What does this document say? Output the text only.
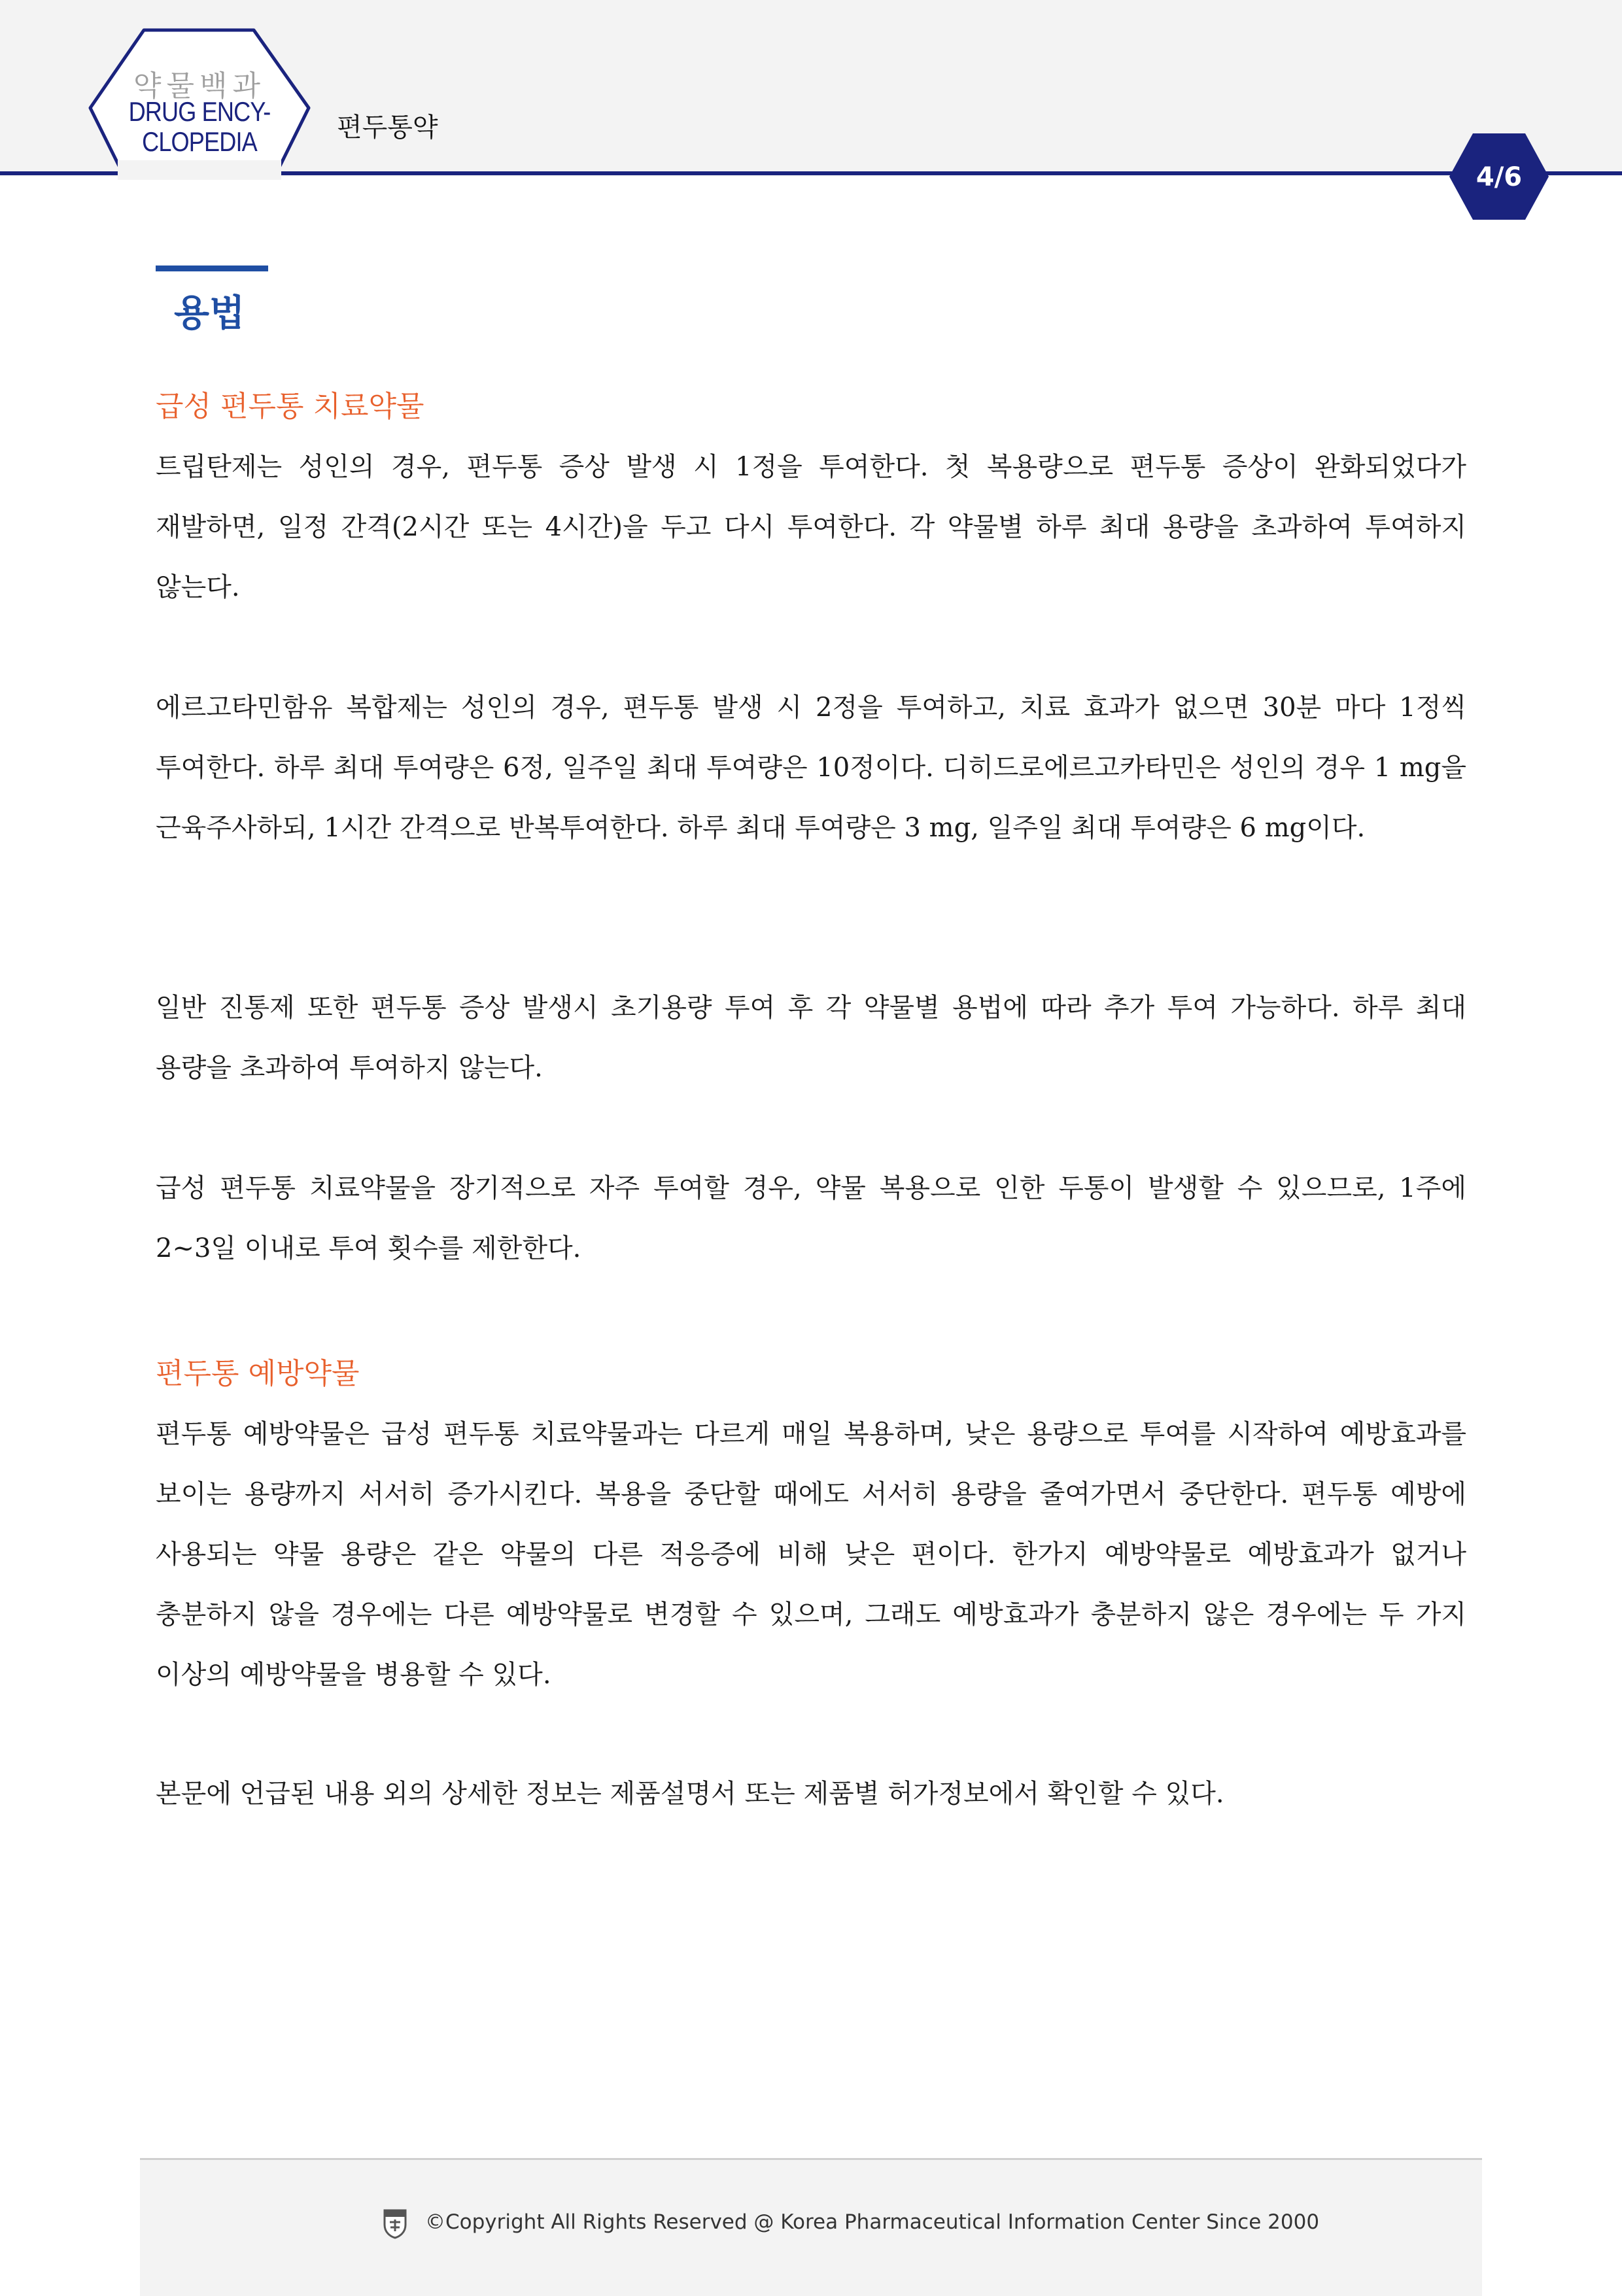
약물백과
DRUG ENCY-
CLOPEDIA	편두통약
4/6
용법
급성 편두통 치료약물
트립탄제는 성인의 경우, 편두통 증상 발생 시 1정을 투여한다. 첫 복용량으로 편두통 증상이 완화되었다가 재발하면, 일정 간격(2시간 또는 4시간)을 두고 다시 투여한다. 각 약물별 하루 최대 용량을 초과하여 투여하지 않는다.
에르고타민함유 복합제는 성인의 경우, 편두통 발생 시 2정을 투여하고, 치료 효과가 없으면 30분 마다 1정씩 투여한다. 하루 최대 투여량은 6정, 일주일 최대 투여량은 10정이다. 디히드로에르고카타민은 성인의 경우 1 mg을 근육주사하되, 1시간 간격으로 반복투여한다. 하루 최대 투여량은 3 mg, 일주일 최대 투여량은 6 mg이다.
일반 진통제 또한 편두통 증상 발생시 초기용량 투여 후 각 약물별 용법에 따라 추가 투여 가능하다. 하루 최대 용량을 초과하여 투여하지 않는다.
급성 편두통 치료약물을 장기적으로 자주 투여할 경우, 약물 복용으로 인한 두통이 발생할 수 있으므로, 1주에 2~3일 이내로 투여 횟수를 제한한다.
편두통 예방약물
편두통 예방약물은 급성 편두통 치료약물과는 다르게 매일 복용하며, 낮은 용량으로 투여를 시작하여 예방효과를 보이는 용량까지 서서히 증가시킨다. 복용을 중단할 때에도 서서히 용량을 줄여가면서 중단한다. 편두통 예방에 사용되는 약물 용량은 같은 약물의 다른 적응증에 비해 낮은 편이다. 한가지 예방약물로 예방효과가 없거나 충분하지 않을 경우에는 다른 예방약물로 변경할 수 있으며, 그래도 예방효과가 충분하지 않은 경우에는 두 가지 이상의 예방약물을 병용할 수 있다.
본문에 언급된 내용 외의 상세한 정보는 제품설명서 또는 제품별 허가정보에서 확인할 수 있다.
©Copyright All Rights Reserved @ Korea Pharmaceutical Information Center Since 2000
